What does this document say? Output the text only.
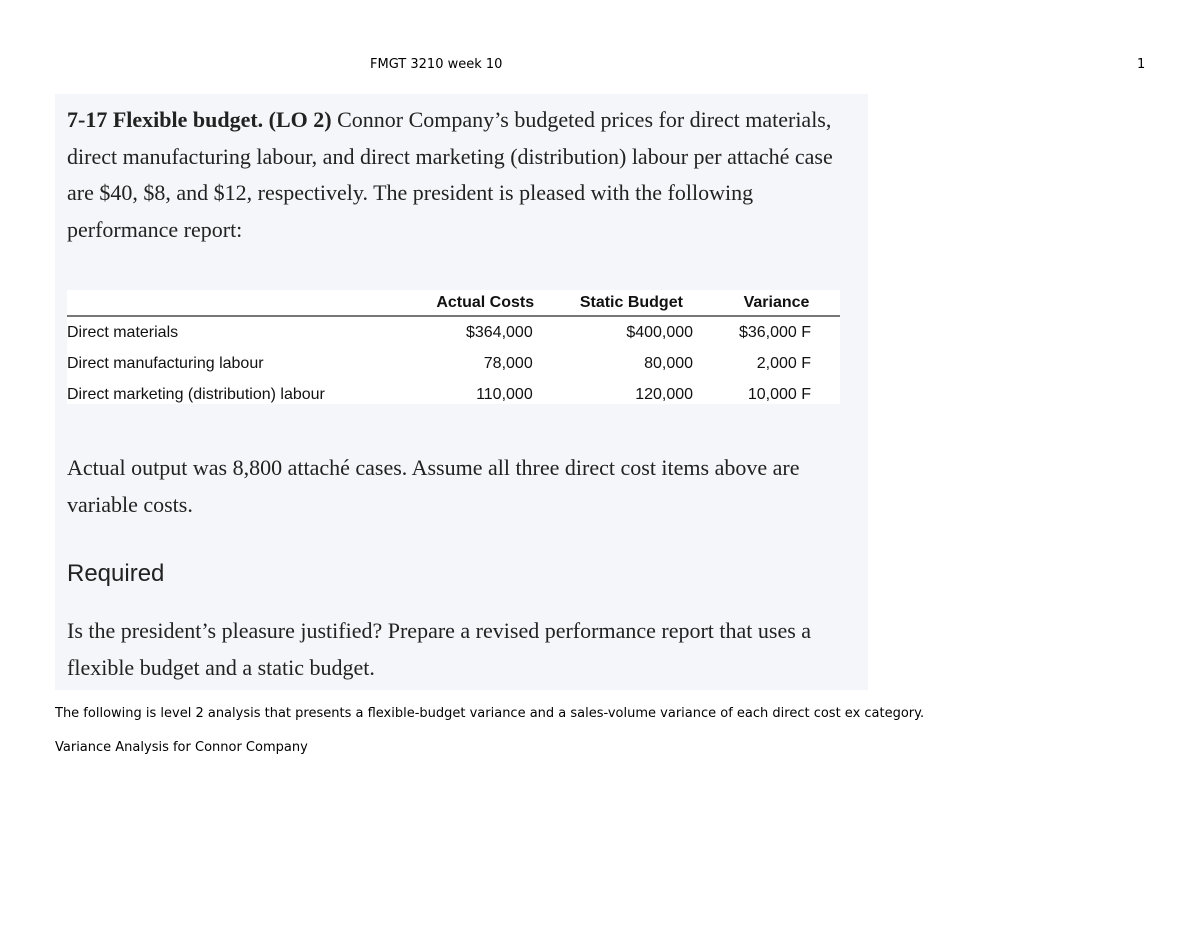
FMGT 3210 week 10	1
7-17 Flexible budget. (LO 2) Connor Company’s budgeted prices for direct materials, direct manufacturing labour, and direct marketing (distribution) labour per attaché case are $40, $8, and $12, respectively. The president is pleased with the following performance report:
	Actual Costs	Static Budget	Variance
Direct materials	$364,000	$400,000	$36,000 F
Direct manufacturing labour	78,000	80,000	2,000 F
Direct marketing (distribution) labour	110,000	120,000	10,000 F
Actual output was 8,800 attaché cases. Assume all three direct cost items above are variable costs.
Required
Is the president’s pleasure justified? Prepare a revised performance report that uses a flexible budget and a static budget.
The following is level 2 analysis that presents a flexible-budget variance and a sales-volume variance of each direct cost ex category.
Variance Analysis for Connor Company
